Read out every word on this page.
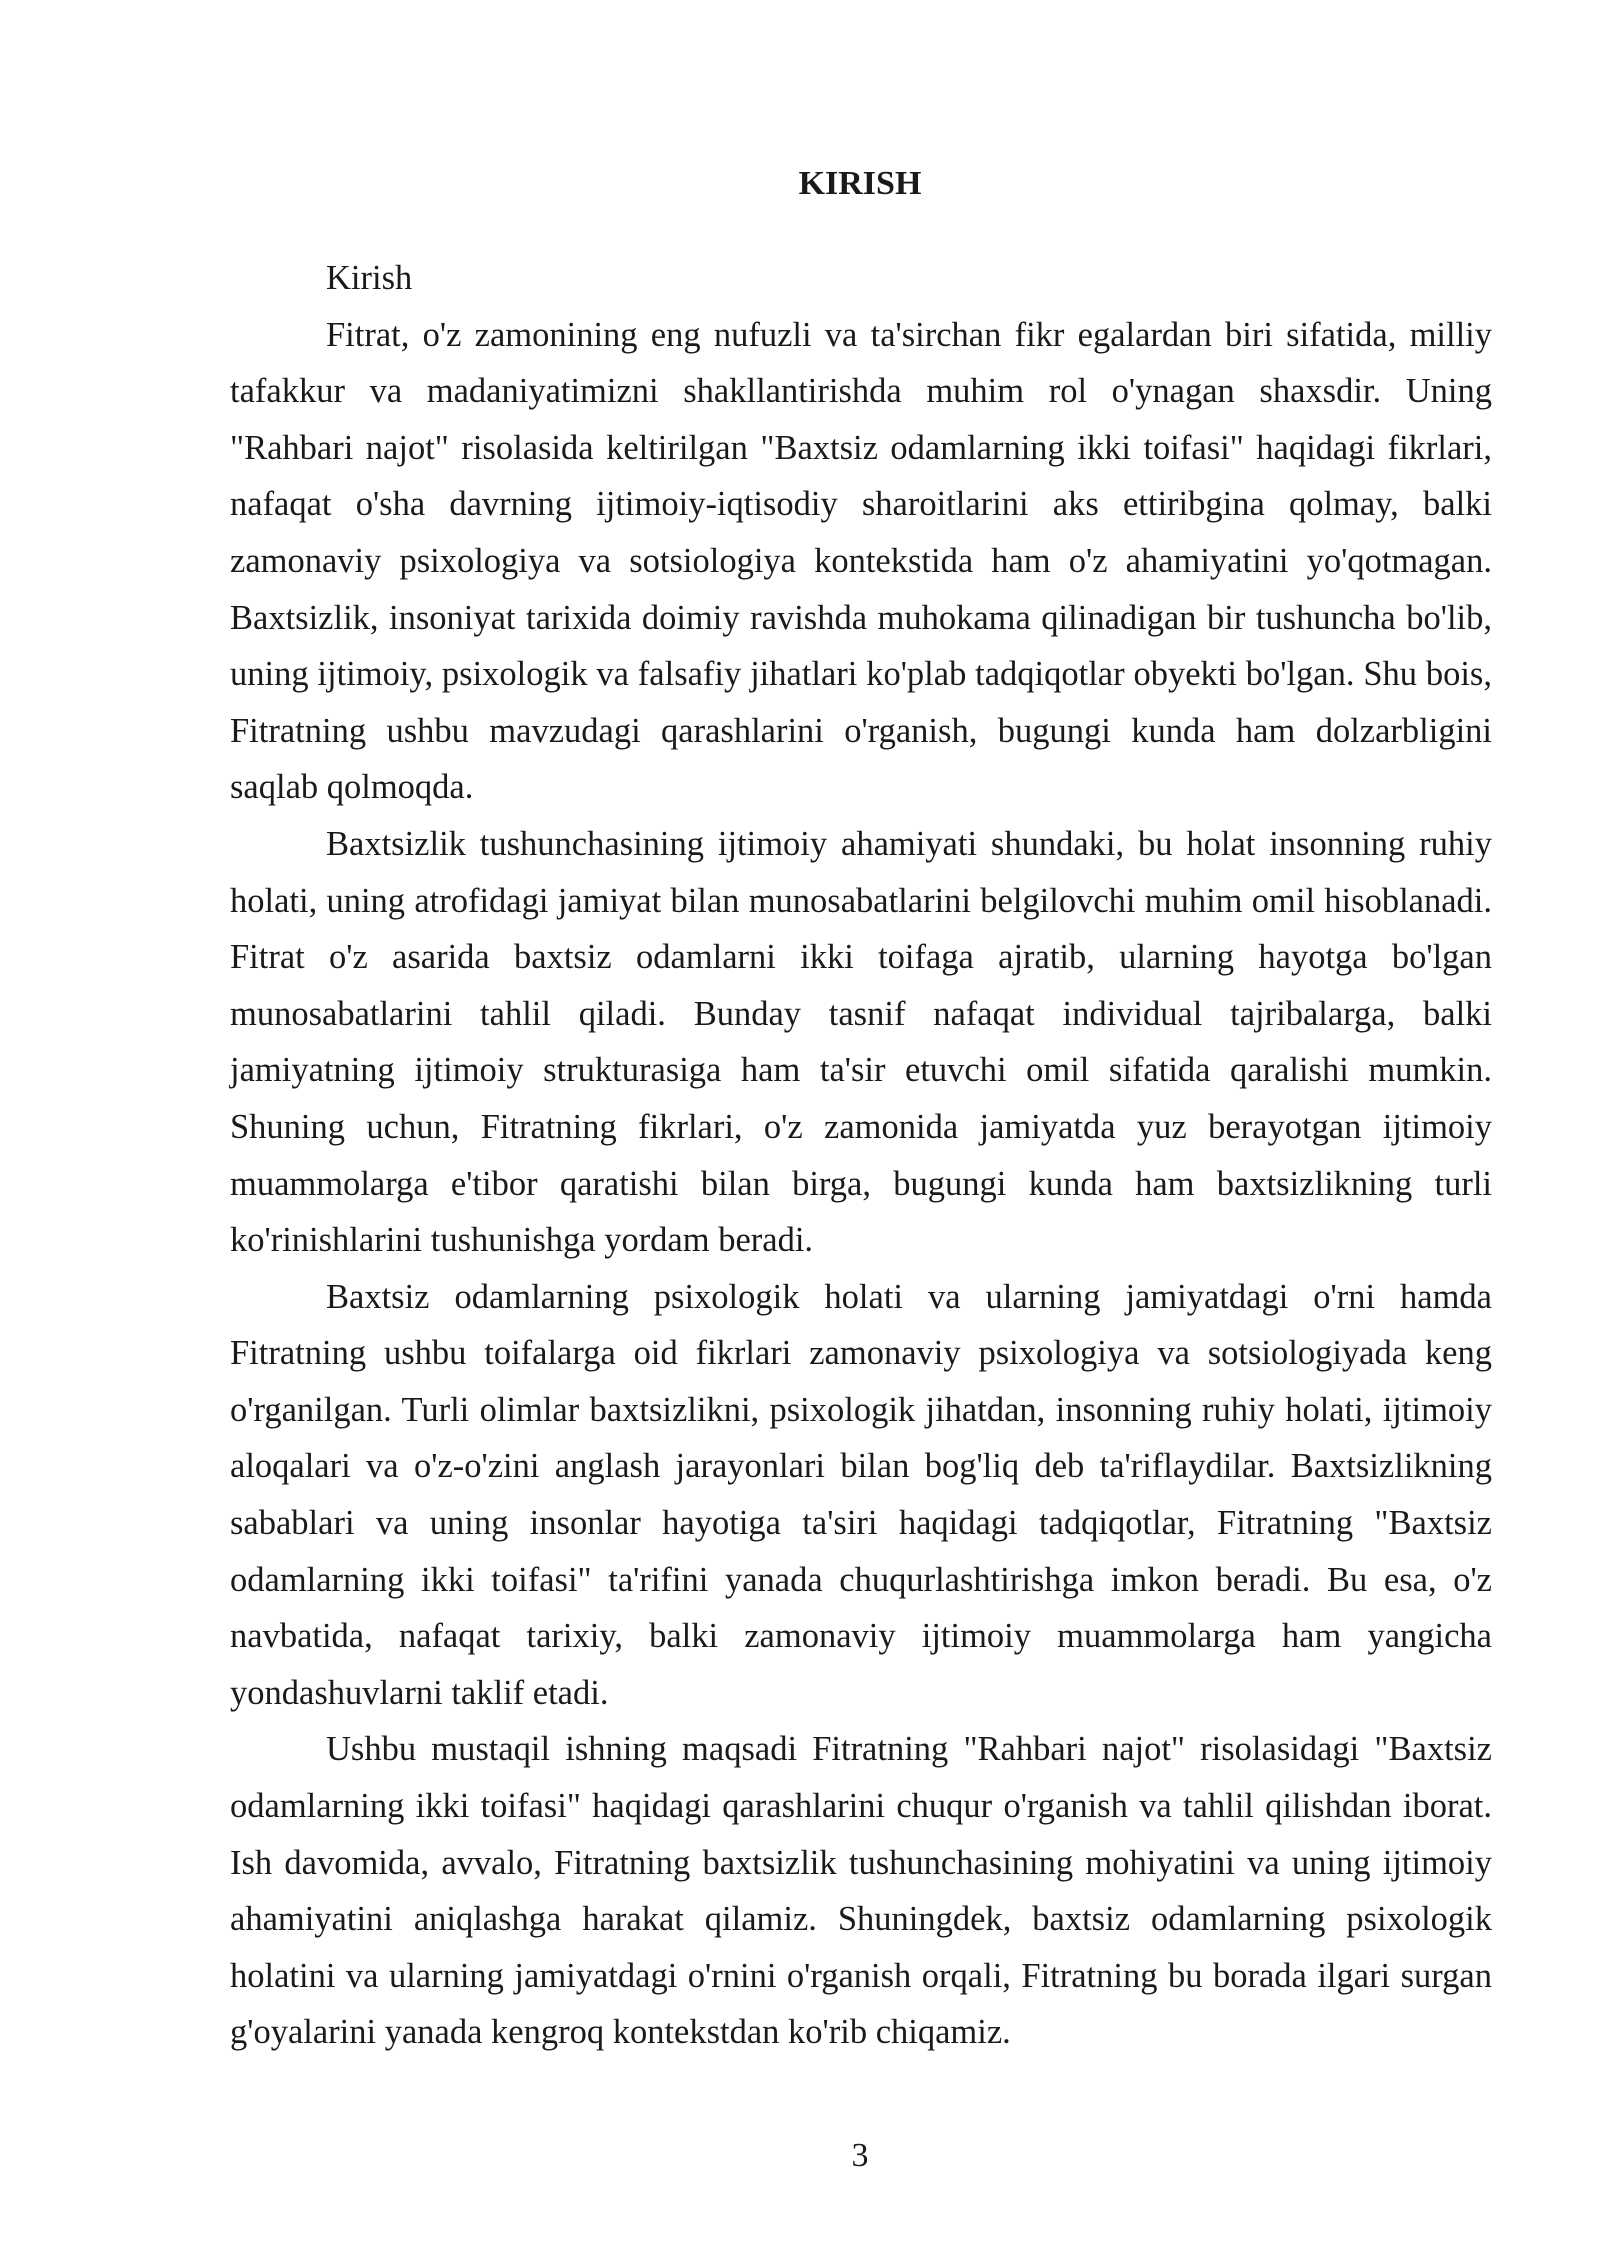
KIRISH

Kirish

Fitrat, o'z zamonining eng nufuzli va ta'sirchan fikr egalardan biri sifatida, milliy tafakkur va madaniyatimizni shakllantirishda muhim rol o'ynagan shaxsdir. Uning "Rahbari najot" risolasida keltirilgan "Baxtsiz odamlarning ikki toifasi" haqidagi fikrlari, nafaqat o'sha davrning ijtimoiy-iqtisodiy sharoitlarini aks ettiribgina qolmay, balki zamonaviy psixologiya va sotsiologiya kontekstida ham o'z ahamiyatini yo'qotmagan. Baxtsizlik, insoniyat tarixida doimiy ravishda muhokama qilinadigan bir tushuncha bo'lib, uning ijtimoiy, psixologik va falsafiy jihatlari ko'plab tadqiqotlar obyekti bo'lgan. Shu bois, Fitratning ushbu mavzudagi qarashlarini o'rganish, bugungi kunda ham dolzarbligini saqlab qolmoqda.

Baxtsizlik tushunchasining ijtimoiy ahamiyati shundaki, bu holat insonning ruhiy holati, uning atrofidagi jamiyat bilan munosabatlarini belgilovchi muhim omil hisoblanadi. Fitrat o'z asarida baxtsiz odamlarni ikki toifaga ajratib, ularning hayotga bo'lgan munosabatlarini tahlil qiladi. Bunday tasnif nafaqat individual tajribalarga, balki jamiyatning ijtimoiy strukturasiga ham ta'sir etuvchi omil sifatida qaralishi mumkin. Shuning uchun, Fitratning fikrlari, o'z zamonida jamiyatda yuz berayotgan ijtimoiy muammolarga e'tibor qaratishi bilan birga, bugungi kunda ham baxtsizlikning turli ko'rinishlarini tushunishga yordam beradi.

Baxtsiz odamlarning psixologik holati va ularning jamiyatdagi o'rni hamda Fitratning ushbu toifalarga oid fikrlari zamonaviy psixologiya va sotsiologiyada keng o'rganilgan. Turli olimlar baxtsizlikni, psixologik jihatdan, insonning ruhiy holati, ijtimoiy aloqalari va o'z-o'zini anglash jarayonlari bilan bog'liq deb ta'riflaydilar. Baxtsizlikning sabablari va uning insonlar hayotiga ta'siri haqidagi tadqiqotlar, Fitratning "Baxtsiz odamlarning ikki toifasi" ta'rifini yanada chuqurlashtirishga imkon beradi. Bu esa, o'z navbatida, nafaqat tarixiy, balki zamonaviy ijtimoiy muammolarga ham yangicha yondashuvlarni taklif etadi.

Ushbu mustaqil ishning maqsadi Fitratning "Rahbari najot" risolasidagi "Baxtsiz odamlarning ikki toifasi" haqidagi qarashlarini chuqur o'rganish va tahlil qilishdan iborat. Ish davomida, avvalo, Fitratning baxtsizlik tushunchasining mohiyatini va uning ijtimoiy ahamiyatini aniqlashga harakat qilamiz. Shuningdek, baxtsiz odamlarning psixologik holatini va ularning jamiyatdagi o'rnini o'rganish orqali, Fitratning bu borada ilgari surgan g'oyalarini yanada kengroq kontekstdan ko'rib chiqamiz.

3
